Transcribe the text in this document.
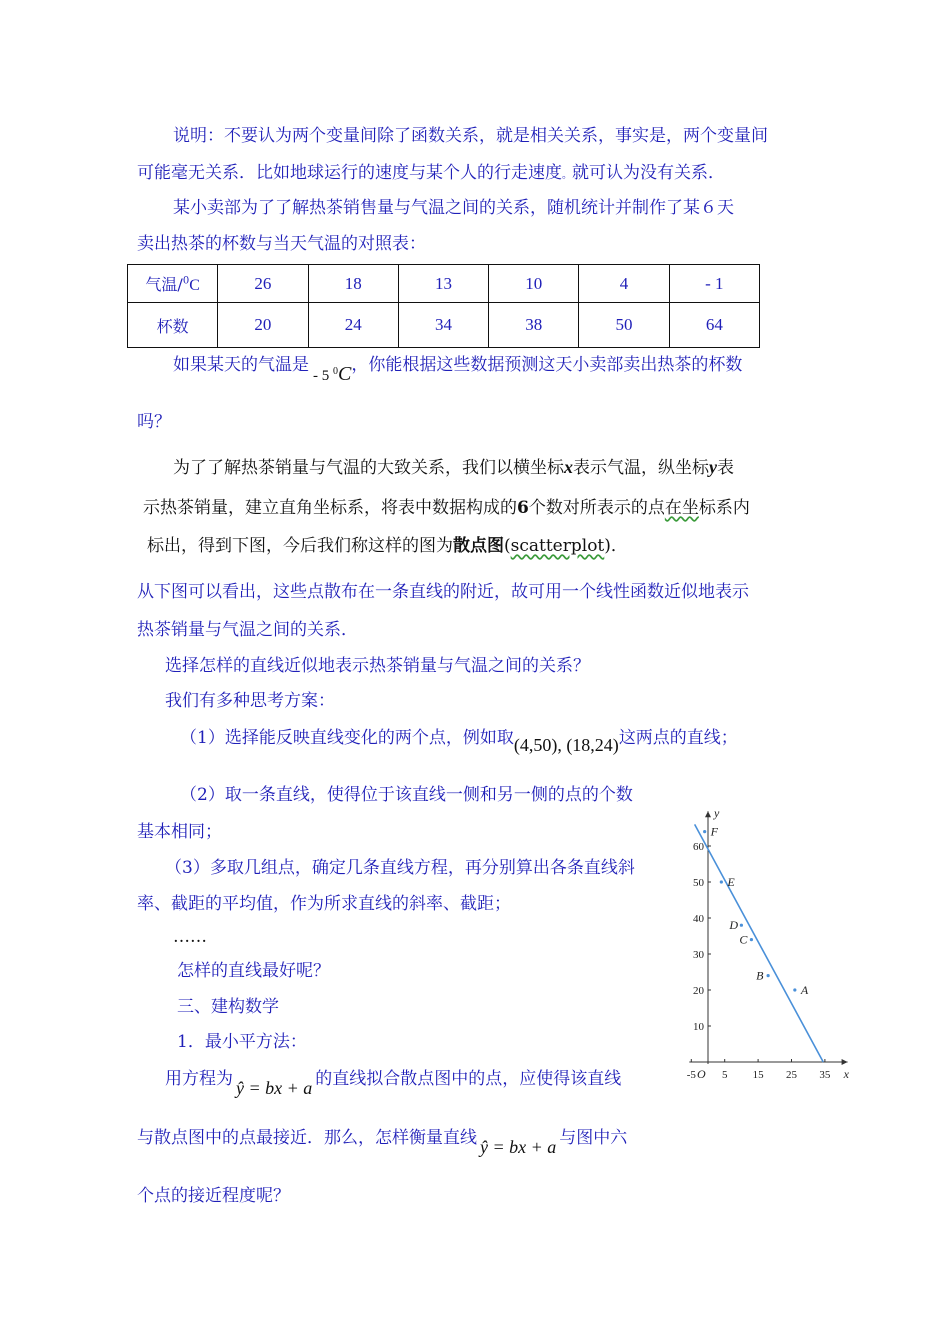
说明：不要认为两个变量间除了函数关系，就是相关关系，事实是，两个变量间
可能毫无关系．比如地球运行的速度与某个人的行走速度。就可认为没有关系．
某小卖部为了了解热茶销售量与气温之间的关系，随机统计并制作了某６天
卖出热茶的杯数与当天气温的对照表：
气温/$^0$C	26	18	13	10	4	- 1
杯数	20	24	34	38	50	64
如果某天的气温是- 5 $^0$C，你能根据这些数据预测这天小卖部卖出热茶的杯数
吗？
为了了解热茶销量与气温的大致关系，我们以横坐标x表示气温，纵坐标y表
示热茶销量，建立直角坐标系，将表中数据构成的6个数对所表示的点在坐标系内
标出，得到下图，今后我们称这样的图为散点图(scatterplot)．
从下图可以看出，这些点散布在一条直线的附近，故可用一个线性函数近似地表示
热茶销量与气温之间的关系．
选择怎样的直线近似地表示热茶销量与气温之间的关系？
我们有多种思考方案：
（1）选择能反映直线变化的两个点，例如取(4,50), (18,24)这两点的直线；
（2）取一条直线，使得位于该直线一侧和另一侧的点的个数
基本相同；
（3）多取几组点，确定几条直线方程，再分别算出各条直线斜
率、截距的平均值，作为所求直线的斜率、截距；
……
怎样的直线最好呢？
三、建构数学
1．最小平方法：
用方程为 ŷ = bx + a 的直线拟合散点图中的点，应使得该直线
与散点图中的点最接近．那么，怎样衡量直线 ŷ = bx + a 与图中六
个点的接近程度呢？
x
y
O
-5 5 15 25 35
10
20
30
40
50
60
A
B
C
D
E
F
